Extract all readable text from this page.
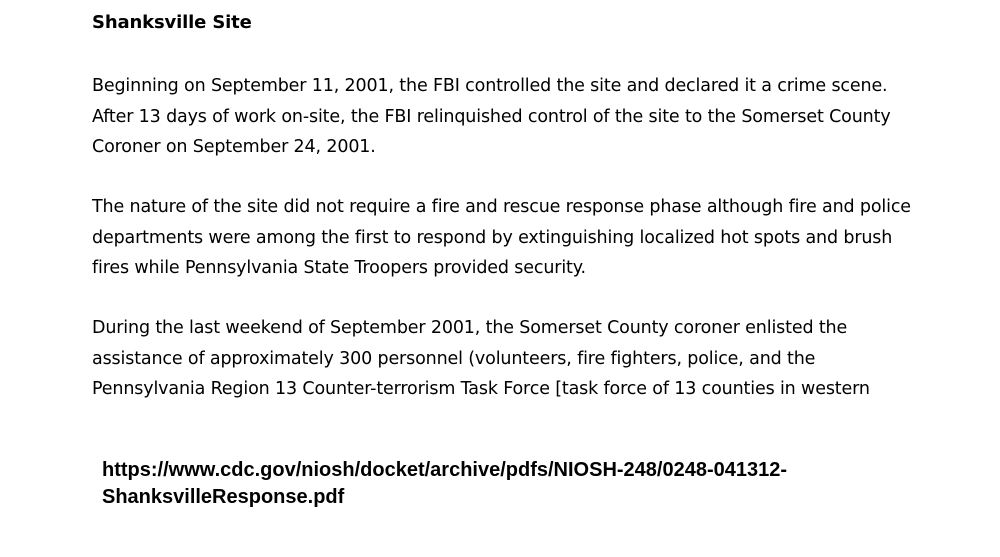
Shanksville Site

Beginning on September 11, 2001, the FBI controlled the site and declared it a crime scene.
After 13 days of work on-site, the FBI relinquished control of the site to the Somerset County
Coroner on September 24, 2001.

The nature of the site did not require a fire and rescue response phase although fire and police
departments were among the first to respond by extinguishing localized hot spots and brush
fires while Pennsylvania State Troopers provided security.

During the last weekend of September 2001, the Somerset County coroner enlisted the
assistance of approximately 300 personnel (volunteers, fire fighters, police, and the
Pennsylvania Region 13 Counter-terrorism Task Force [task force of 13 counties in western

https://www.cdc.gov/niosh/docket/archive/pdfs/NIOSH-248/0248-041312-
ShanksvilleResponse.pdf
